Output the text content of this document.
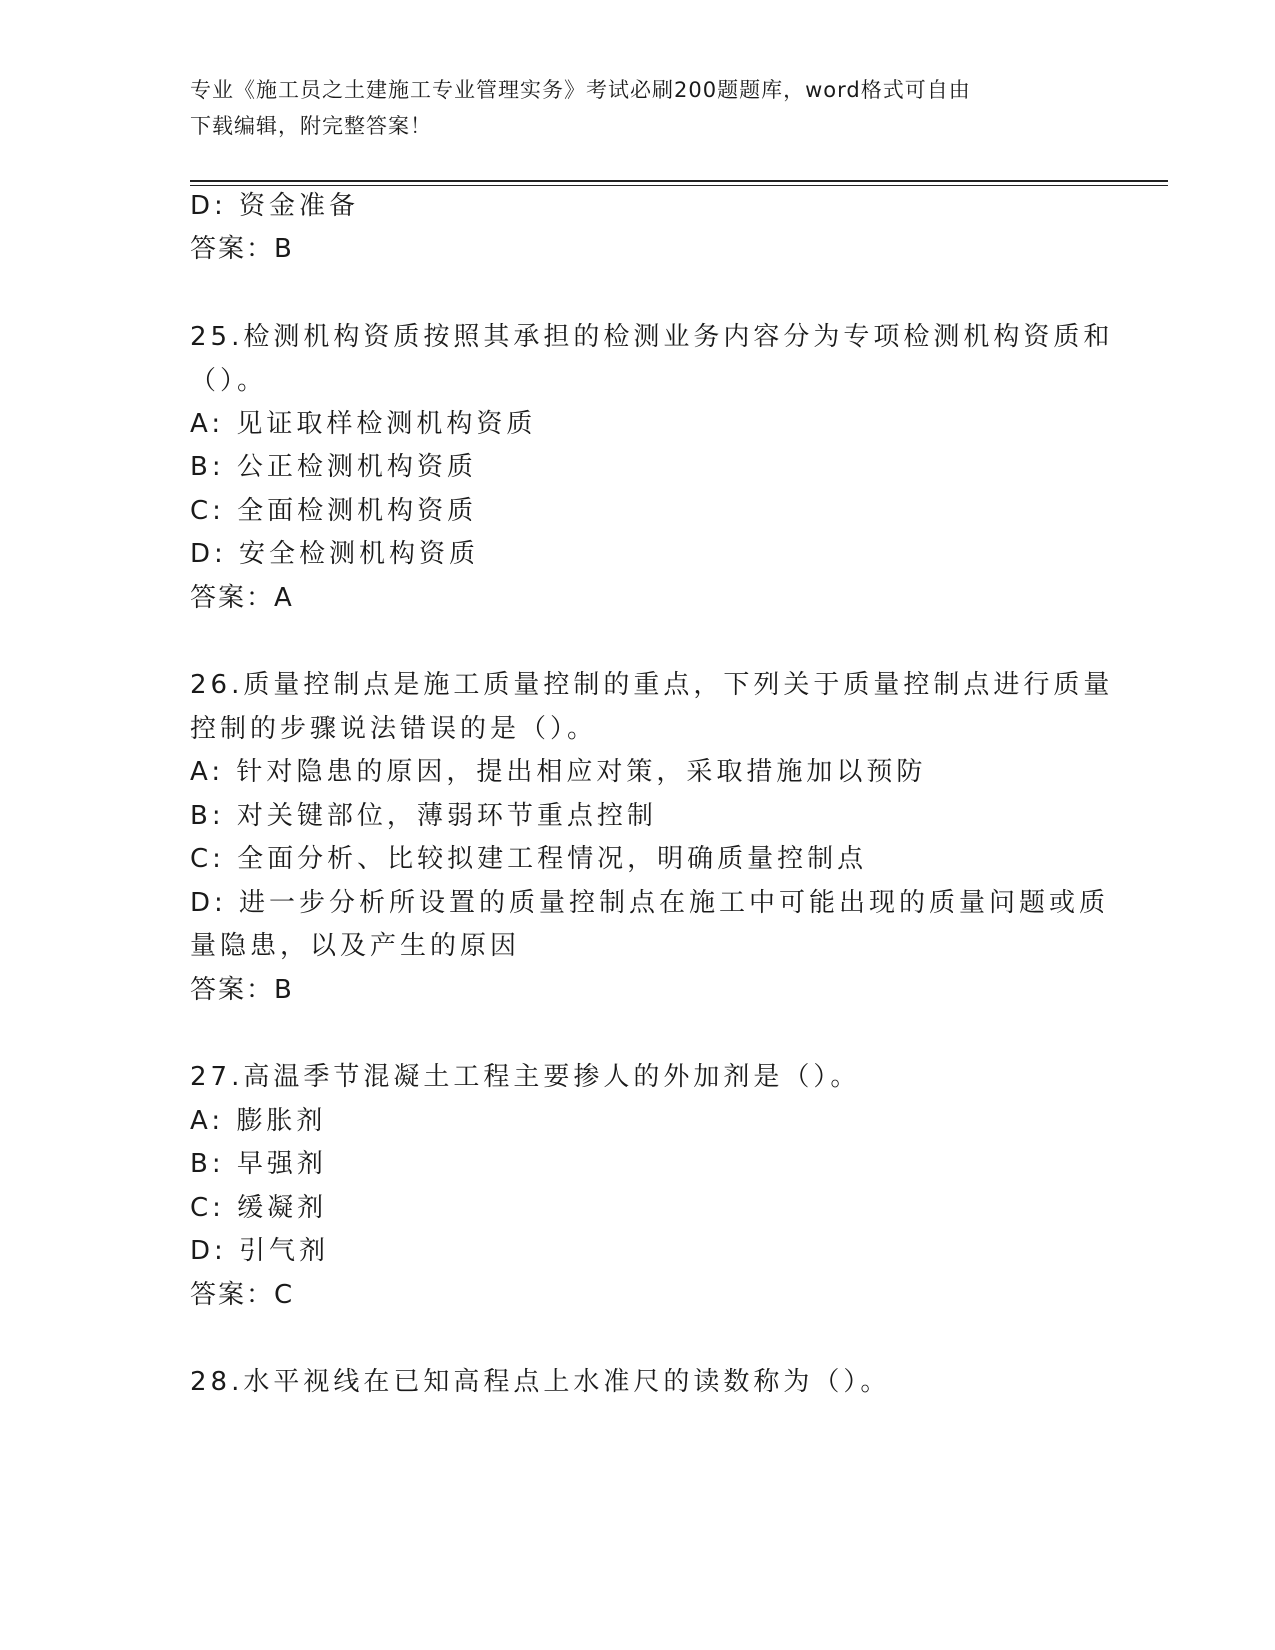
专业《施工员之土建施工专业管理实务》考试必刷200题题库，word格式可自由
下载编辑，附完整答案！
D: 资金准备
答案：B
25.检测机构资质按照其承担的检测业务内容分为专项检测机构资质和
（）。
A: 见证取样检测机构资质
B: 公正检测机构资质
C: 全面检测机构资质
D: 安全检测机构资质
答案：A
26.质量控制点是施工质量控制的重点，下列关于质量控制点进行质量
控制的步骤说法错误的是（）。
A: 针对隐患的原因，提出相应对策，采取措施加以预防
B: 对关键部位，薄弱环节重点控制
C: 全面分析、比较拟建工程情况，明确质量控制点
D: 进一步分析所设置的质量控制点在施工中可能出现的质量问题或质
量隐患，以及产生的原因
答案：B
27.高温季节混凝土工程主要掺人的外加剂是（）。
A: 膨胀剂
B: 早强剂
C: 缓凝剂
D: 引气剂
答案：C
28.水平视线在已知高程点上水准尺的读数称为（）。
